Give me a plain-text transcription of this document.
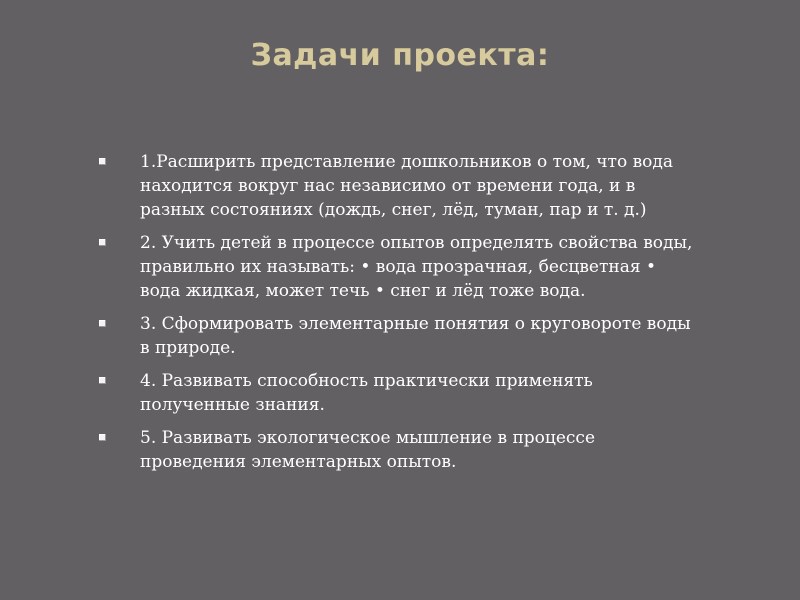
Задачи проекта:
1.Расширить представление дошкольников о том, что вода находится вокруг нас независимо от времени года, и в разных состояниях (дождь, снег, лёд, туман, пар и т. д.)
2. Учить детей в процессе опытов определять свойства воды, правильно их называть: • вода прозрачная, бесцветная • вода жидкая, может течь • снег и лёд тоже вода.
3. Сформировать элементарные понятия о круговороте воды в природе.
4. Развивать способность практически применять полученные знания.
5. Развивать экологическое мышление в процессе проведения элементарных опытов.
